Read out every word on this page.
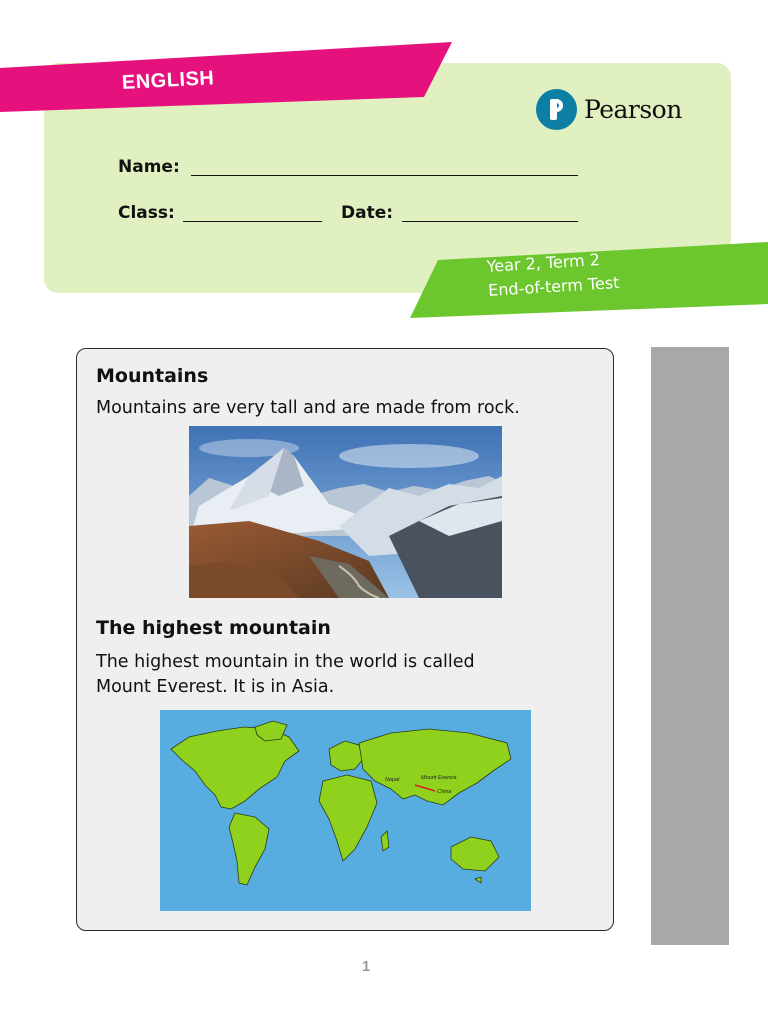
ENGLISH
Pearson
Name:
Class:	Date:
Year 2, Term 2
End-of-term Test
Mountains
Mountains are very tall and are made from rock.
The highest mountain
The highest mountain in the world is called
Mount Everest. It is in Asia.
Nepal	Mount Everest
China
1
